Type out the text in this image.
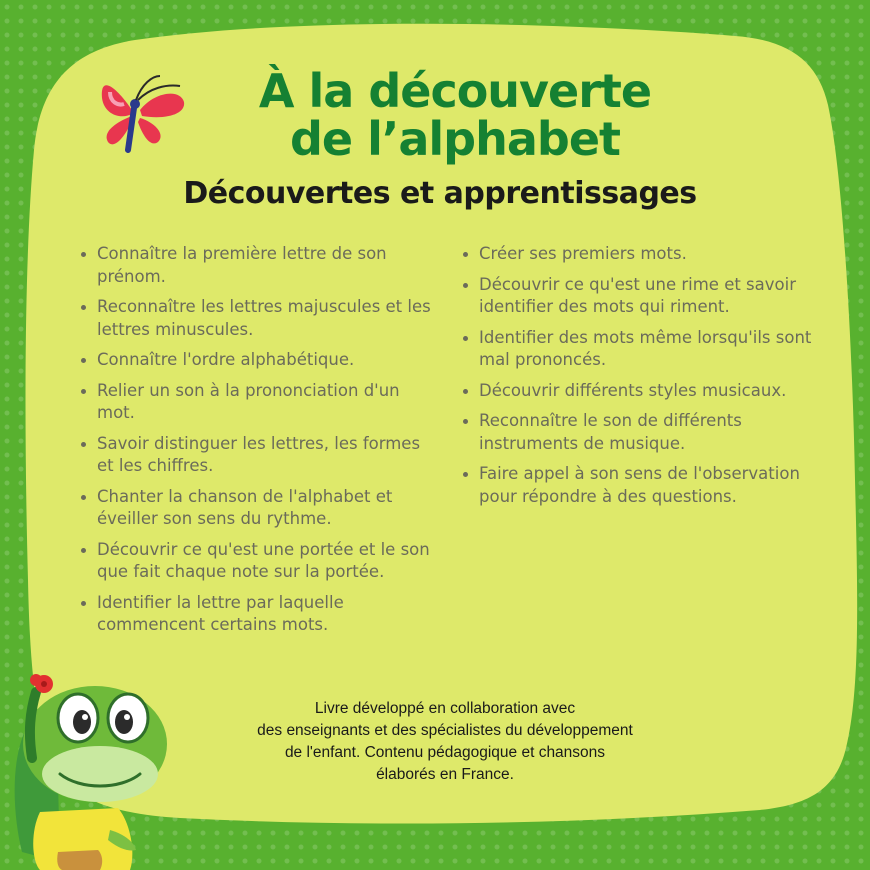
À la découverte
de l’alphabet
Découvertes et apprentissages
Connaître la première lettre de son prénom.
Reconnaître les lettres majuscules et les lettres minuscules.
Connaître l'ordre alphabétique.
Relier un son à la prononciation d'un mot.
Savoir distinguer les lettres, les formes et les chiffres.
Chanter la chanson de l'alphabet et éveiller son sens du rythme.
Découvrir ce qu'est une portée et le son que fait chaque note sur la portée.
Identifier la lettre par laquelle commencent certains mots.
Créer ses premiers mots.
Découvrir ce qu'est une rime et savoir identifier des mots qui riment.
Identifier des mots même lorsqu'ils sont mal prononcés.
Découvrir différents styles musicaux.
Reconnaître le son de différents instruments de musique.
Faire appel à son sens de l'observation pour répondre à des questions.
Livre développé en collaboration avec
des enseignants et des spécialistes du développement
de l'enfant. Contenu pédagogique et chansons
élaborés en France.
